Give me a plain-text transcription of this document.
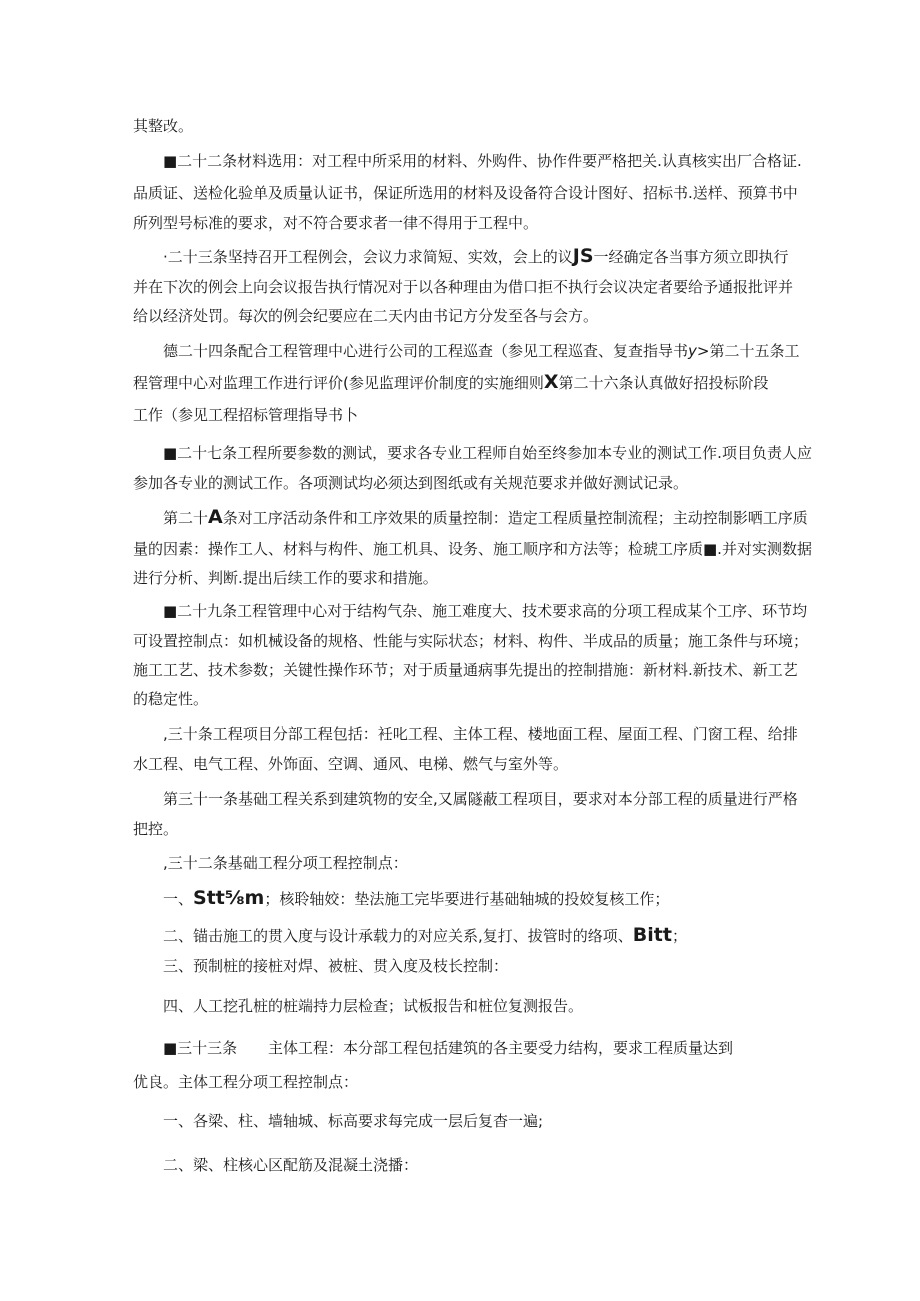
其整改。
■二十二条材料选用：对工程中所采用的材料、外购件、协作件要严格把关.认真核实出厂合格证.
品质证、送检化验单及质量认证书，保证所选用的材料及设备符合设计图好、招标书.送样、预算书中
所列型号标准的要求，对不符合要求者一律不得用于工程中。
·二十三条坚持召开工程例会，会议力求简短、实效，会上的议JS一经确定各当事方须立即执行
并在下次的例会上向会议报告执行情况对于以各种理由为借口拒不执行会议决定者要给予通报批评并
给以经济处罚。每次的例会纪要应在二天内由书记方分发至各与会方。
德二十四条配合工程管理中心进行公司的工程巡查（参见工程巡査、复查指导书y>第二十五条工
程管理中心对监理工作进行评价(参见监理评价制度的实施细则X第二十六条认真做好招投标阶段
工作（参见工程招标管理指导书卜
■二十七条工程所要参数的测试，要求各专业工程师自始至终参加本专业的测试工作.项目负责人应
参加各专业的测试工作。各项测试均必须达到图纸或有关规范要求并做好测试记录。
第二十A条对工序活动条件和工序效果的质量控制：造定工程质量控制流程；主动控制影哂工序质
量的因素：操作工人、材料与构件、施工机具、设务、施工顺序和方法等；检琥工序质■.并对实测数据
进行分析、判断.提出后续工作的要求和措施。
■二十九条工程管理中心对于结构气杂、施工难度大、技术要求高的分项工程成某个工序、环节均
可设置控制点：如机械设备的规格、性能与实际状态；材料、构件、半成品的质量；施工条件与环境；
施工工艺、技术参数；关键性操作环节；对于质量通病事先提出的控制措施：新材料.新技术、新工艺
的稳定性。
,三十条工程项目分部工程包括：衽叱工程、主体工程、楼地面工程、屋面工程、门窗工程、给排
水工程、电气工程、外饰面、空调、通风、电梯、燃气与室外等。
第三十一条基础工程关系到建筑物的安全,又属隧蔽工程项目，要求对本分部工程的质量进行严格
把控。
,三十二条基础工程分项工程控制点：
一、Stt⅝m；核聆轴姣：垫法施工完毕要进行基础轴城的投姣复核工作；
二、锚击施工的贯入度与设计承载力的对应关系,复打、拔管时的络项、Bitt；
三、预制桩的接桩对焊、被桩、贯入度及枝长控制：
四、人工挖孔桩的桩端持力层检查；试板报告和桩位复测报告。
■三十三条 主体工程：本分部工程包括建筑的各主要受力结构，要求工程质量达到
优良。主体工程分项工程控制点：
一、各梁、柱、墙轴城、标高要求每完成一层后复杳一遍;
二、梁、柱核心区配筋及混凝土浇播：
